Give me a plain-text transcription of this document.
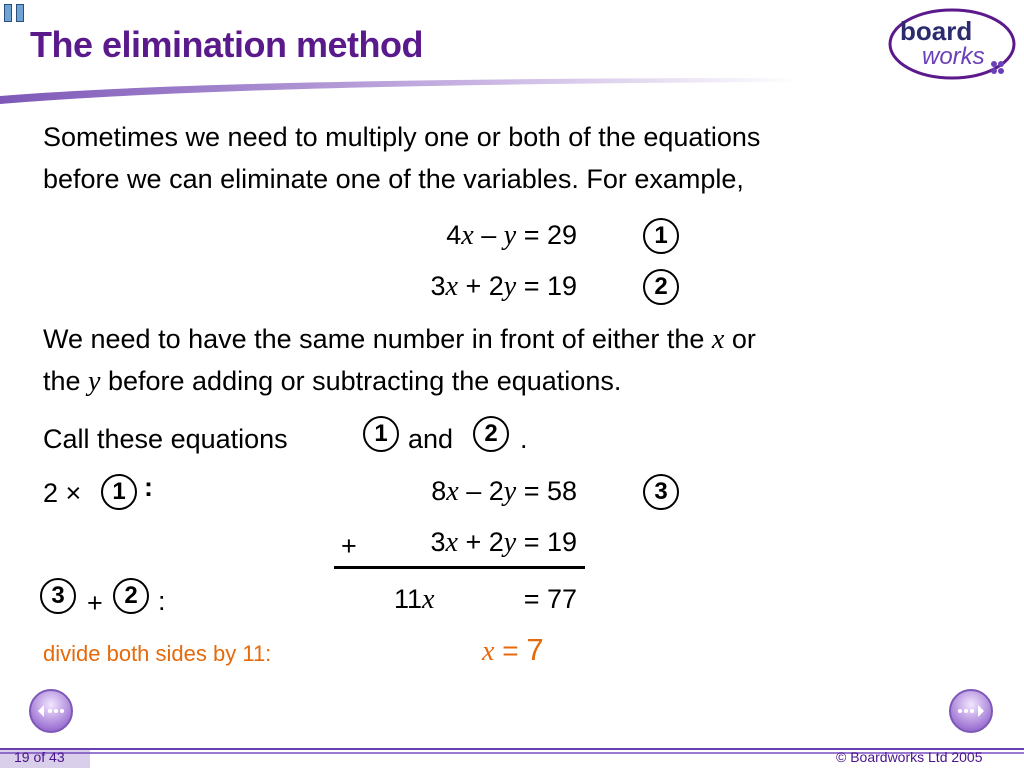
The elimination method	board
works
Sometimes we need to multiply one or both of the equations
before we can eliminate one of the variables. For example,
4x – y = 29	1
3x + 2y = 19	2
We need to have the same number in front of either the x or
the y before adding or subtracting the equations.
Call these equations	1 and	2 .
2 ×	1 :	8x – 2y = 58	3
+	3x + 2y = 19
3 + 2 :	11x	= 77
divide both sides by 11:	x = 7
19 of 43	© Boardworks Ltd 2005
